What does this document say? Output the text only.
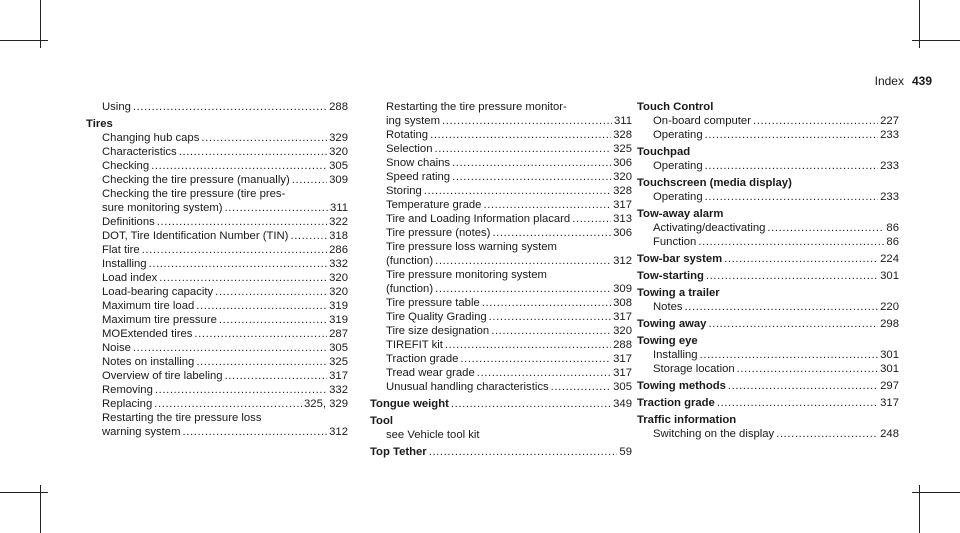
Index 439
Using .....	288
Tires
Changing hub caps .....	329
Characteristics .....	320
Checking .....	305
Checking the tire pressure (manually) .....	309
Checking the tire pressure (tire pres-
sure monitoring system) .....	311
Definitions .....	322
DOT, Tire Identification Number (TIN) .....	318
Flat tire .....	286
Installing .....	332
Load index .....	320
Load-bearing capacity .....	320
Maximum tire load .....	319
Maximum tire pressure .....	319
MOExtended tires .....	287
Noise .....	305
Notes on installing .....	325
Overview of tire labeling .....	317
Removing .....	332
Replacing .....	325, 329
Restarting the tire pressure loss
warning system .....	312
Restarting the tire pressure monitor-
ing system .....	311
Rotating .....	328
Selection .....	325
Snow chains .....	306
Speed rating .....	320
Storing .....	328
Temperature grade .....	317
Tire and Loading Information placard .....	313
Tire pressure (notes) .....	306
Tire pressure loss warning system
(function) .....	312
Tire pressure monitoring system
(function) .....	309
Tire pressure table .....	308
Tire Quality Grading .....	317
Tire size designation .....	320
TIREFIT kit .....	288
Traction grade .....	317
Tread wear grade .....	317
Unusual handling characteristics .....	305
Tongue weight .....	349
Tool
see Vehicle tool kit
Top Tether .....	59
Touch Control
On-board computer .....	227
Operating .....	233
Touchpad
Operating .....	233
Touchscreen (media display)
Operating .....	233
Tow-away alarm
Activating/deactivating .....	86
Function .....	86
Tow-bar system .....	224
Tow-starting .....	301
Towing a trailer
Notes .....	220
Towing away .....	298
Towing eye
Installing .....	301
Storage location .....	301
Towing methods .....	297
Traction grade .....	317
Traffic information
Switching on the display .....	248
